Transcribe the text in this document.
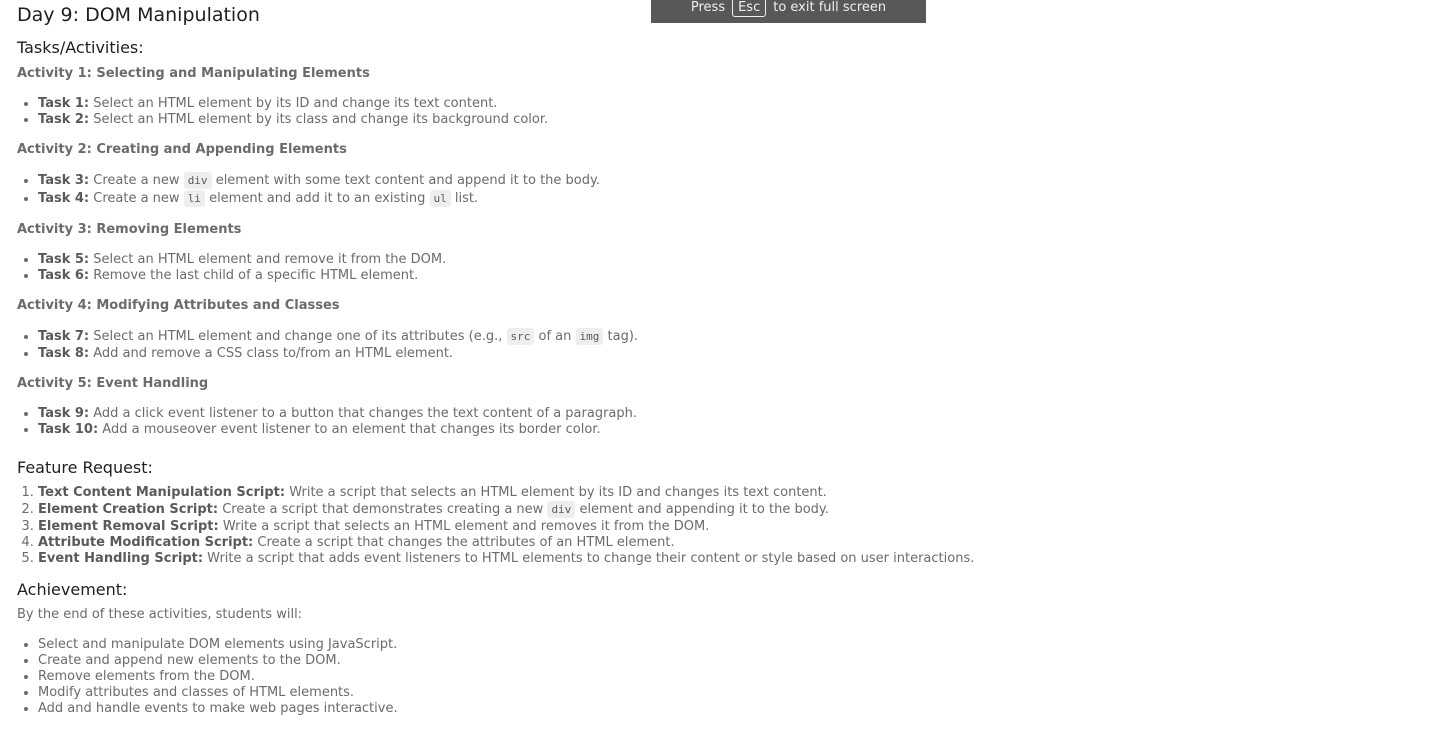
Press	Esc	to exit full screen
Day 9: DOM Manipulation
Tasks/Activities:
Activity 1: Selecting and Manipulating Elements
• Task 1: Select an HTML element by its ID and change its text content.
• Task 2: Select an HTML element by its class and change its background color.
Activity 2: Creating and Appending Elements
• Task 3: Create a new div element with some text content and append it to the body.
• Task 4: Create a new li element and add it to an existing ul list.
Activity 3: Removing Elements
• Task 5: Select an HTML element and remove it from the DOM.
• Task 6: Remove the last child of a specific HTML element.
Activity 4: Modifying Attributes and Classes
• Task 7: Select an HTML element and change one of its attributes (e.g., src of an img tag).
• Task 8: Add and remove a CSS class to/from an HTML element.
Activity 5: Event Handling
• Task 9: Add a click event listener to a button that changes the text content of a paragraph.
• Task 10: Add a mouseover event listener to an element that changes its border color.
Feature Request:
1. Text Content Manipulation Script: Write a script that selects an HTML element by its ID and changes its text content.
2. Element Creation Script: Create a script that demonstrates creating a new div element and appending it to the body.
3. Element Removal Script: Write a script that selects an HTML element and removes it from the DOM.
4. Attribute Modification Script: Create a script that changes the attributes of an HTML element.
5. Event Handling Script: Write a script that adds event listeners to HTML elements to change their content or style based on user interactions.
Achievement:

By the end of these activities, students will:

• Select and manipulate DOM elements using JavaScript.
• Create and append new elements to the DOM.
• Remove elements from the DOM.
• Modify attributes and classes of HTML elements.
• Add and handle events to make web pages interactive.
